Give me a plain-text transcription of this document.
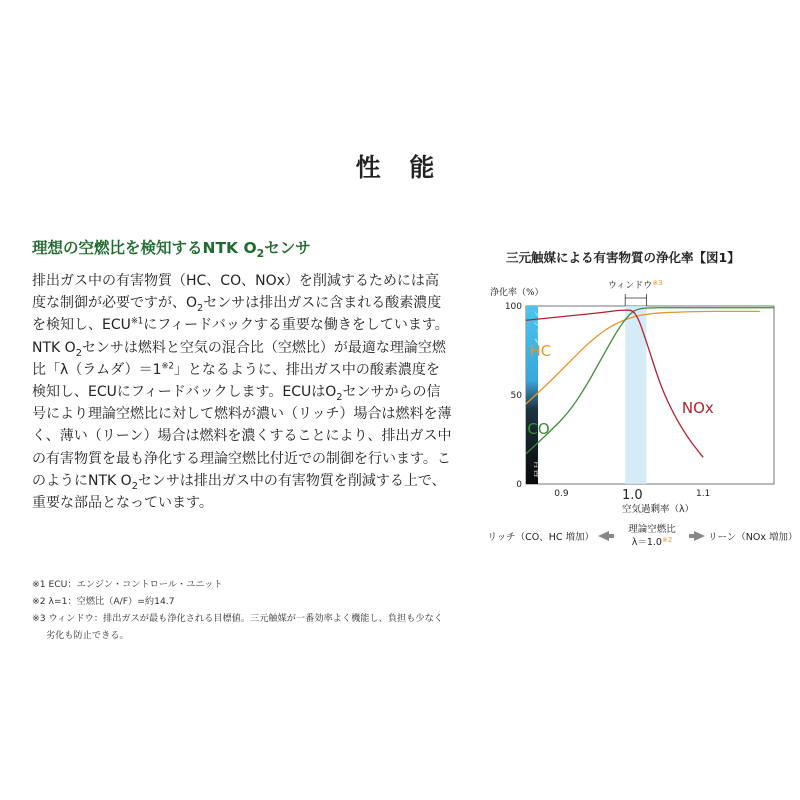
性 能
理想の空燃比を検知するNTK $O_2$センサ

排出ガス中の有害物質（HC、CO、NOx）を削減するためには高度な制御が必要ですが、$O_2$センサは排出ガスに含まれる酸素濃度を検知し、ECU$^{※1}$にフィードバックする重要な働きをしています。

NTK $O_2$センサは燃料と空気の混合比（空燃比）が最適な理論空燃比「λ（ラムダ）$=1^{※2}$」となるように、排出ガス中の酸素濃度を検知し、ECUにフィードバックします。ECUは$O_2$センサからの信号により理論空燃比に対して燃料が濃い（リッチ）場合は燃料を薄く、薄い（リーン）場合は燃料を濃くすることにより、排出ガス中の有害物質を最も浄化する理論空燃比付近での制御を行います。このようにNTK $O_2$センサは排出ガス中の有害物質を削減する上で、重要な部品となっています。

※1 ECU：エンジン・コントロール・ユニット
※2 λ=1：空燃比（A/F）=約14.7
※3 ウィンドウ：排出ガスが最も浄化される目標値。三元触媒が一番効率よく機能し、負担も少なく
劣化も防止できる。
三元触媒による有害物質の浄化率【図1】
浄化率（%）
ウィンドウ$^{※3}$
クリーン
有害
0
50
100
0.9	1.0	1.1
HC
CO
NOx
空気過剰率（λ）
リッチ（CO、HC 増加）
理論空燃比
$\lambda=1.0^{※2}$	リーン（NOx 増加）
